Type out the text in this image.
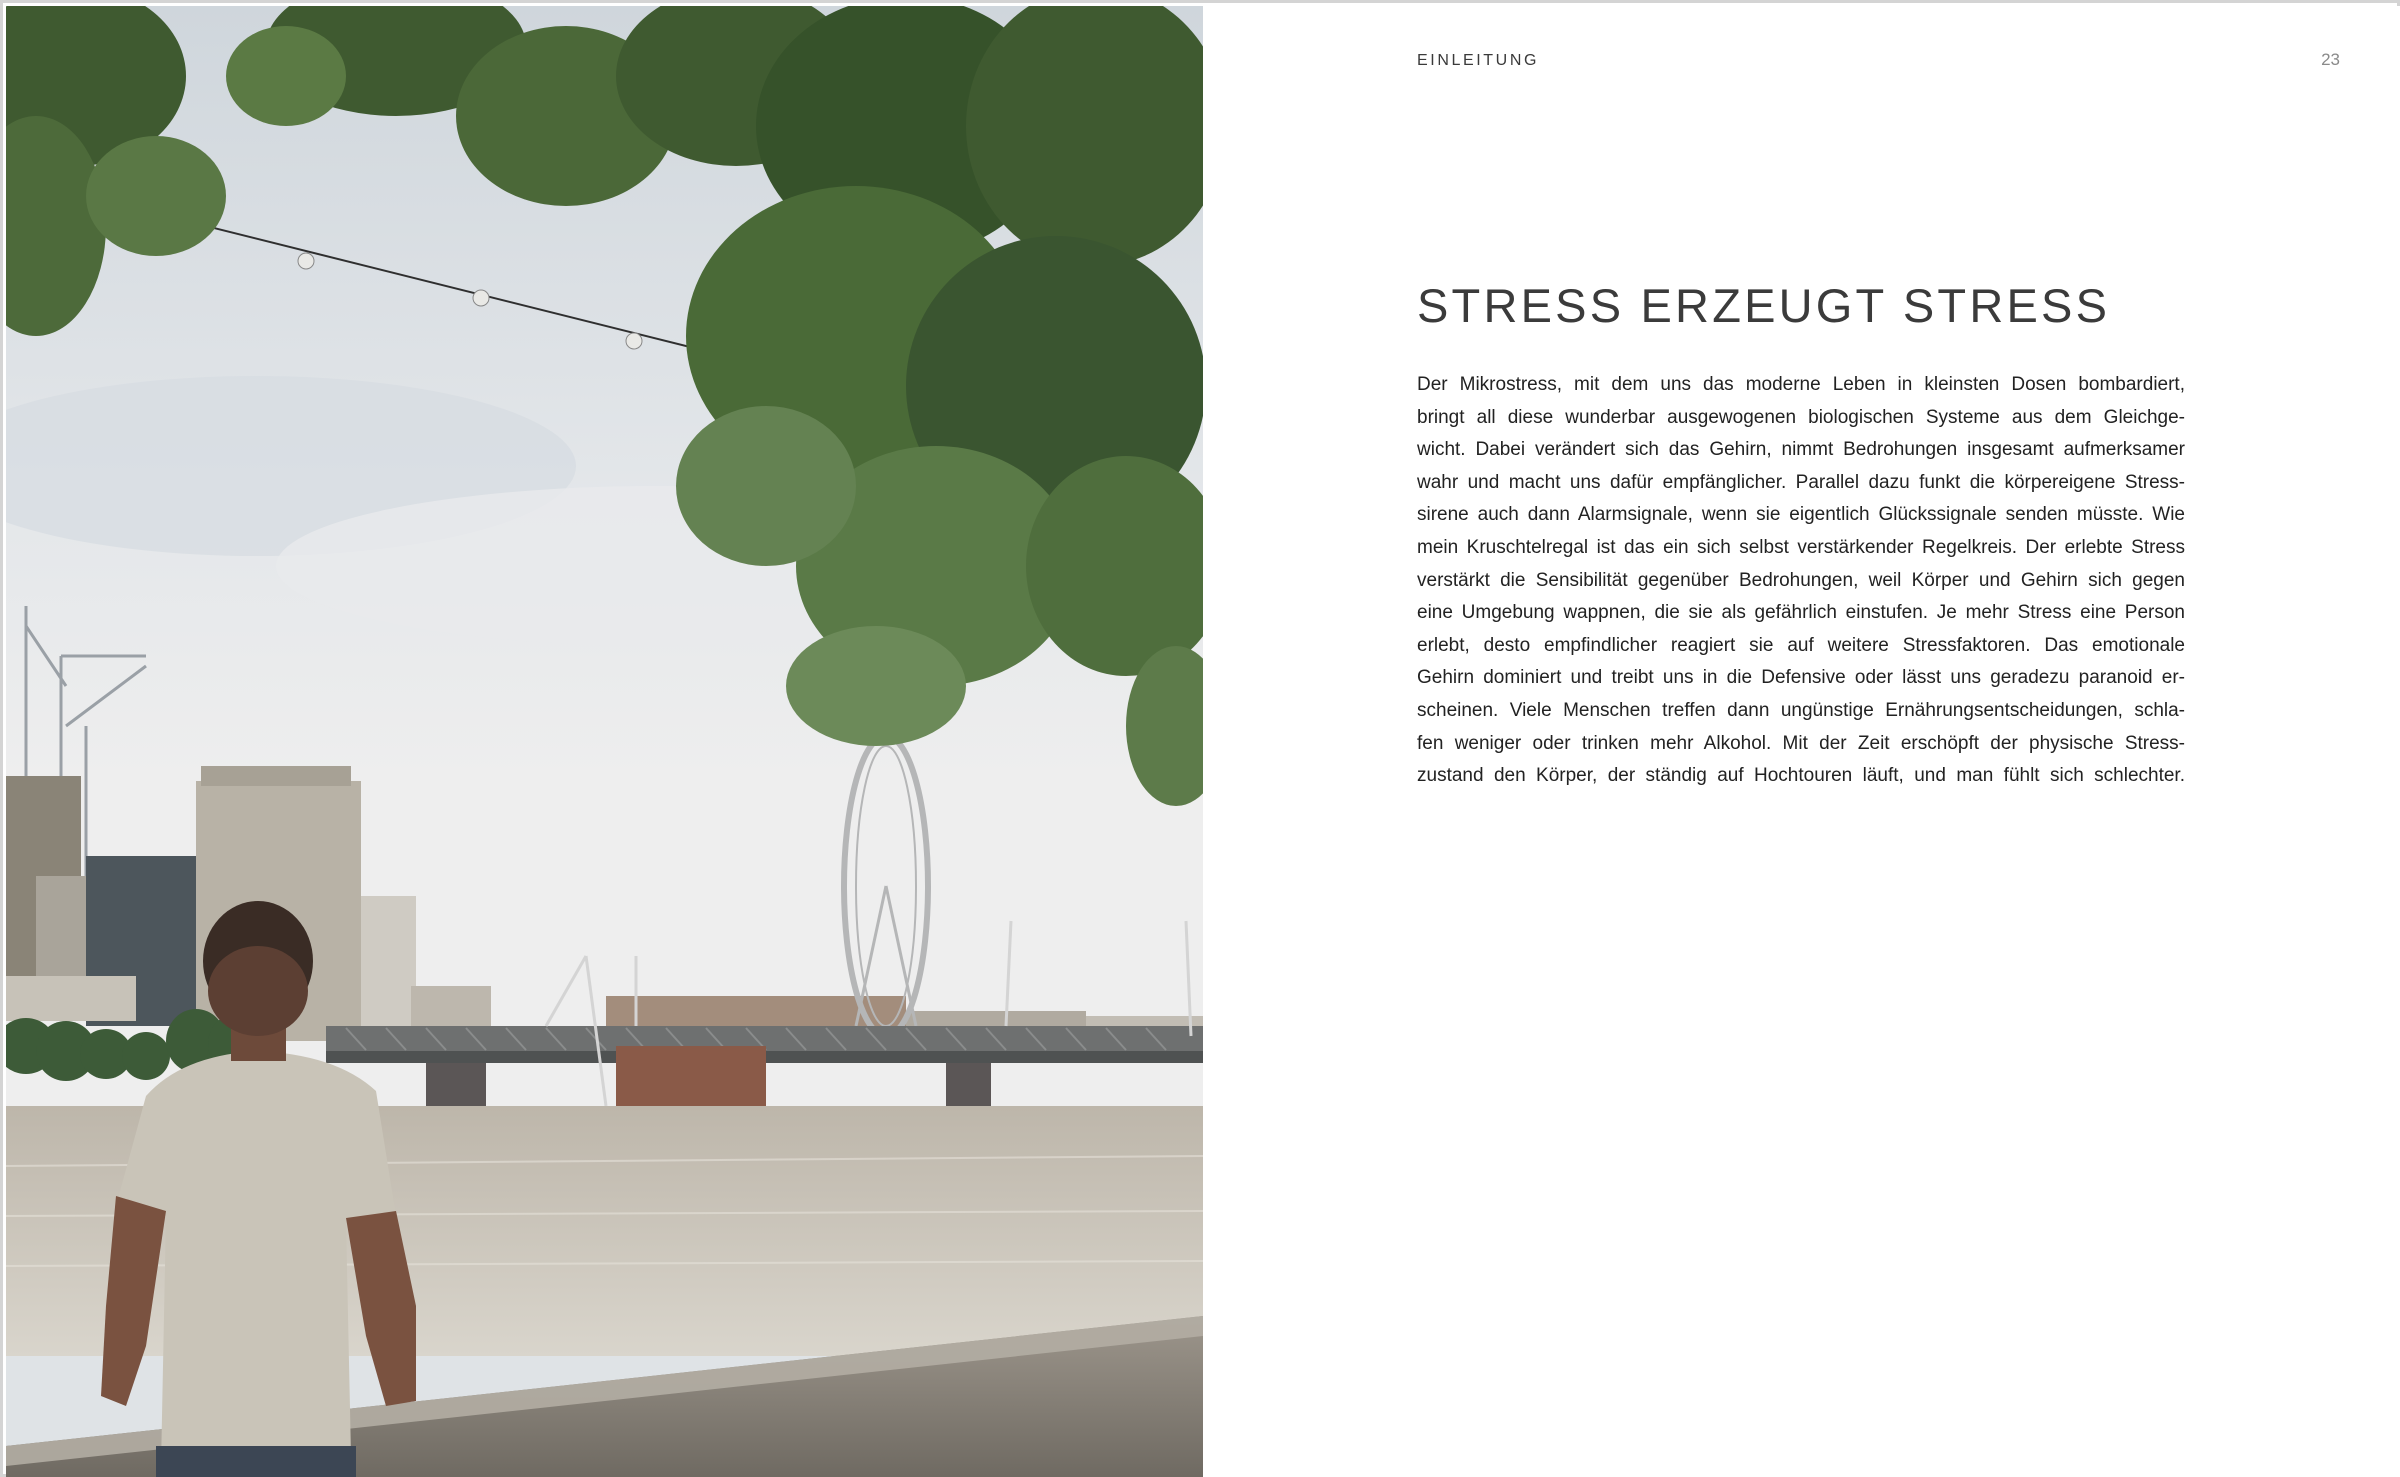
EINLEITUNG	23
STRESS ERZEUGT STRESS
Der Mikrostress, mit dem uns das moderne Leben in kleinsten Dosen bombardiert,
bringt all diese wunderbar ausgewogenen biologischen Systeme aus dem Gleichge-
wicht. Dabei verändert sich das Gehirn, nimmt Bedrohungen insgesamt aufmerksamer
wahr und macht uns dafür empfänglicher. Parallel dazu funkt die körpereigene Stress-
sirene auch dann Alarmsignale, wenn sie eigentlich Glückssignale senden müsste. Wie
mein Kruschtelregal ist das ein sich selbst verstärkender Regelkreis. Der erlebte Stress
verstärkt die Sensibilität gegenüber Bedrohungen, weil Körper und Gehirn sich gegen
eine Umgebung wappnen, die sie als gefährlich einstufen. Je mehr Stress eine Person
erlebt, desto empfindlicher reagiert sie auf weitere Stressfaktoren. Das emotionale
Gehirn dominiert und treibt uns in die Defensive oder lässt uns geradezu paranoid er-
scheinen. Viele Menschen treffen dann ungünstige Ernährungsentscheidungen, schla-
fen weniger oder trinken mehr Alkohol. Mit der Zeit erschöpft der physische Stress-
zustand den Körper, der ständig auf Hochtouren läuft, und man fühlt sich schlechter.
